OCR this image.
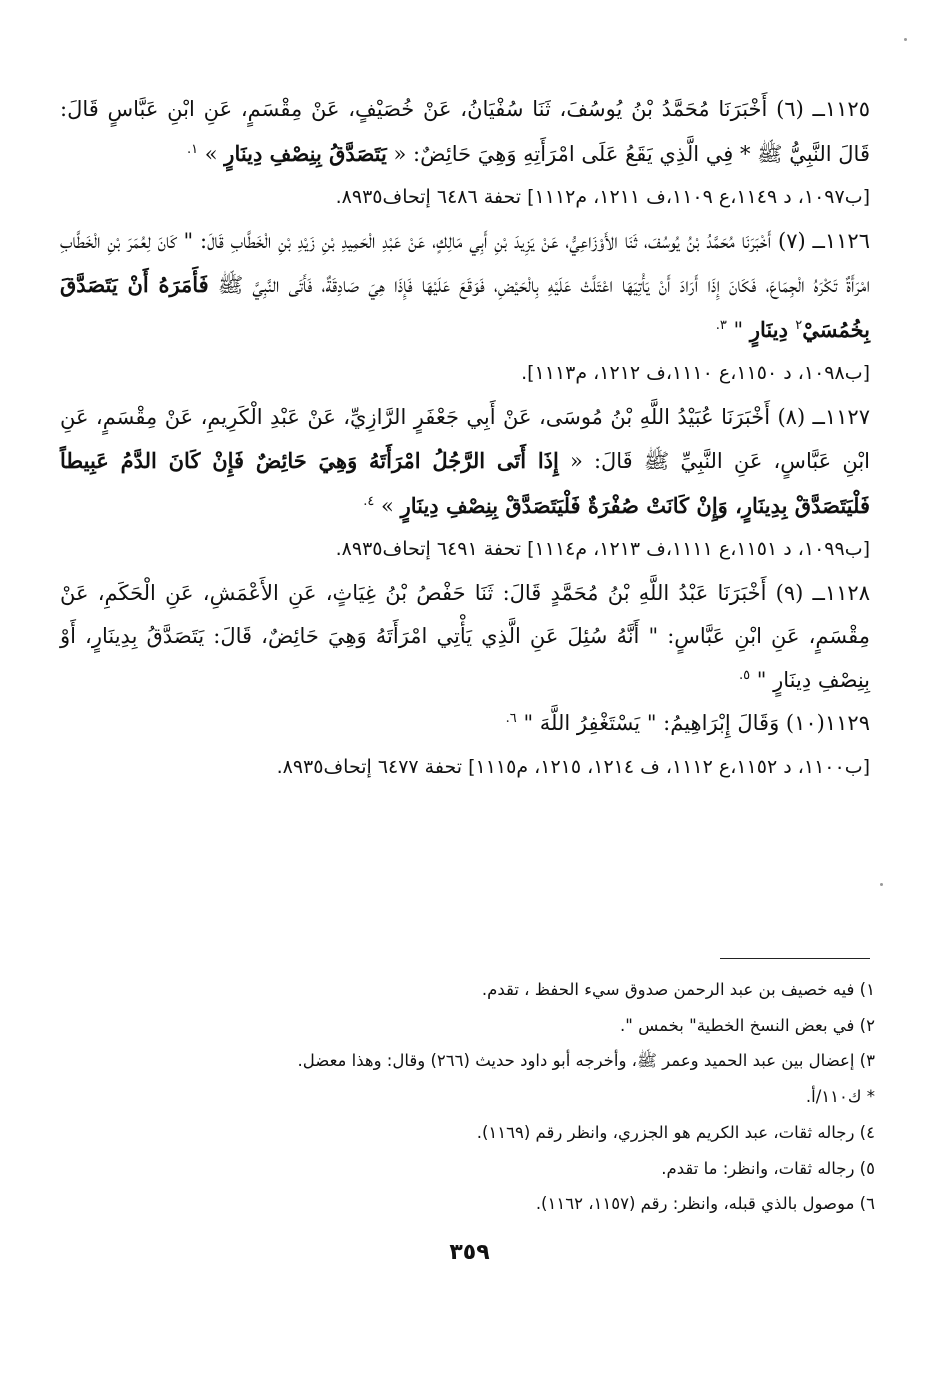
١١٢٥ــ (٦) أَخْبَرَنَا مُحَمَّدُ بْنُ يُوسُفَ، ثَنَا سُفْيَانُ، عَنْ خُصَيْفٍ، عَنْ مِقْسَمٍ، عَنِ ابْنِ عَبَّاسٍ قَالَ: قَالَ النَّبِيُّ ﷺ * فِي الَّذِي يَقَعُ عَلَى امْرَأَتِهِ وَهِيَ حَائِضٌ: « يَتَصَدَّقُ بِنِصْفِ دِينَارٍ » $^{١.}$

[ب١٠٩٧، د ١١٤٩،ع ١١٠٩،ف ١٢١١، م١١١٢] تحفة ٦٤٨٦ إتحاف٨٩٣٥.

١١٢٦ــ (٧) أَخْبَرَنَا مُحَمَّدُ بْنُ يُوسُفَ، ثَنَا الأَوْزَاعِيُّ، عَنْ يَزِيدَ بْنِ أَبِي مَالِكٍ، عَنْ عَبْدِ الْحَمِيدِ بْنِ زَيْدِ بْنِ الْخَطَّابِ قَالَ: " كَانَ لِعُمَرَ بْنِ الْخَطَّابِ امْرَأَةٌ تَكْرَهُ الْجِمَاعَ، فَكَانَ إِذَا أَرَادَ أَنْ يَأْتِيَهَا اعْتَلَّتْ عَلَيْهِ بِالْحَيْضِ، فَوَقَعَ عَلَيْهَا فَإِذَا هِيَ صَادِقَةٌ، فَأَتَى النَّبِيَّ ﷺ فَأَمَرَهُ أَنْ يَتَصَدَّقَ بِخُمُسَيْ$^٢$ دِينَارٍ " $^{٣.}$

[ب١٠٩٨، د ١١٥٠،ع ١١١٠،ف ١٢١٢، م١١١٣].

١١٢٧ــ (٨) أَخْبَرَنَا عُبَيْدُ اللَّهِ بْنُ مُوسَى، عَنْ أَبِي جَعْفَرٍ الرَّازِيِّ، عَنْ عَبْدِ الْكَرِيمِ، عَنْ مِقْسَمٍ، عَنِ ابْنِ عَبَّاسٍ، عَنِ النَّبِيِّ ﷺ قَالَ: « إِذَا أَتَى الرَّجُلُ امْرَأَتَهُ وَهِيَ حَائِضٌ فَإِنْ كَانَ الدَّمُ عَبِيطاً فَلْيَتَصَدَّقْ بِدِينَارٍ، وَإِنْ كَانَتْ صُفْرَةٌ فَلْيَتَصَدَّقْ بِنِصْفِ دِينَارٍ » $^{٤.}$

[ب١٠٩٩، د ١١٥١،ع ١١١١،ف ١٢١٣، م١١١٤] تحفة ٦٤٩١ إتحاف٨٩٣٥.

١١٢٨ــ (٩) أَخْبَرَنَا عَبْدُ اللَّهِ بْنُ مُحَمَّدٍ قَالَ: ثَنَا حَفْصُ بْنُ غِيَاثٍ، عَنِ الأَعْمَشِ، عَنِ الْحَكَمِ، عَنْ مِقْسَمٍ، عَنِ ابْنِ عَبَّاسٍ: " أَنَّهُ سُئِلَ عَنِ الَّذِي يَأْتِي امْرَأَتَهُ وَهِيَ حَائِضٌ، قَالَ: يَتَصَدَّقُ بِدِينَارٍ، أَوْ بِنِصْفِ دِينَارٍ " $^{٥.}$

١١٢٩(١٠) وَقَالَ إِبْرَاهِيمُ: " يَسْتَغْفِرُ اللَّهَ " $^{٦.}$

[ب١١٠٠، د ١١٥٢،ع ١١١٢، ف ١٢١٤، ١٢١٥، م١١١٥] تحفة ٦٤٧٧ إتحاف٨٩٣٥.

١) فيه خصيف بن عبد الرحمن صدوق سيء الحفظ ، تقدم.

٢) في بعض النسخ الخطية" بخمس ".

٣) إعضال بين عبد الحميد وعمر ﷺ، وأخرجه أبو داود حديث (٢٦٦) وقال: وهذا معضل.

* ك١١٠/أ.

٤) رجاله ثقات، عبد الكريم هو الجزري، وانظر رقم (١١٦٩).

٥) رجاله ثقات، وانظر: ما تقدم.

٦) موصول بالذي قبله، وانظر: رقم (١١٥٧، ١١٦٢).

٣٥٩
